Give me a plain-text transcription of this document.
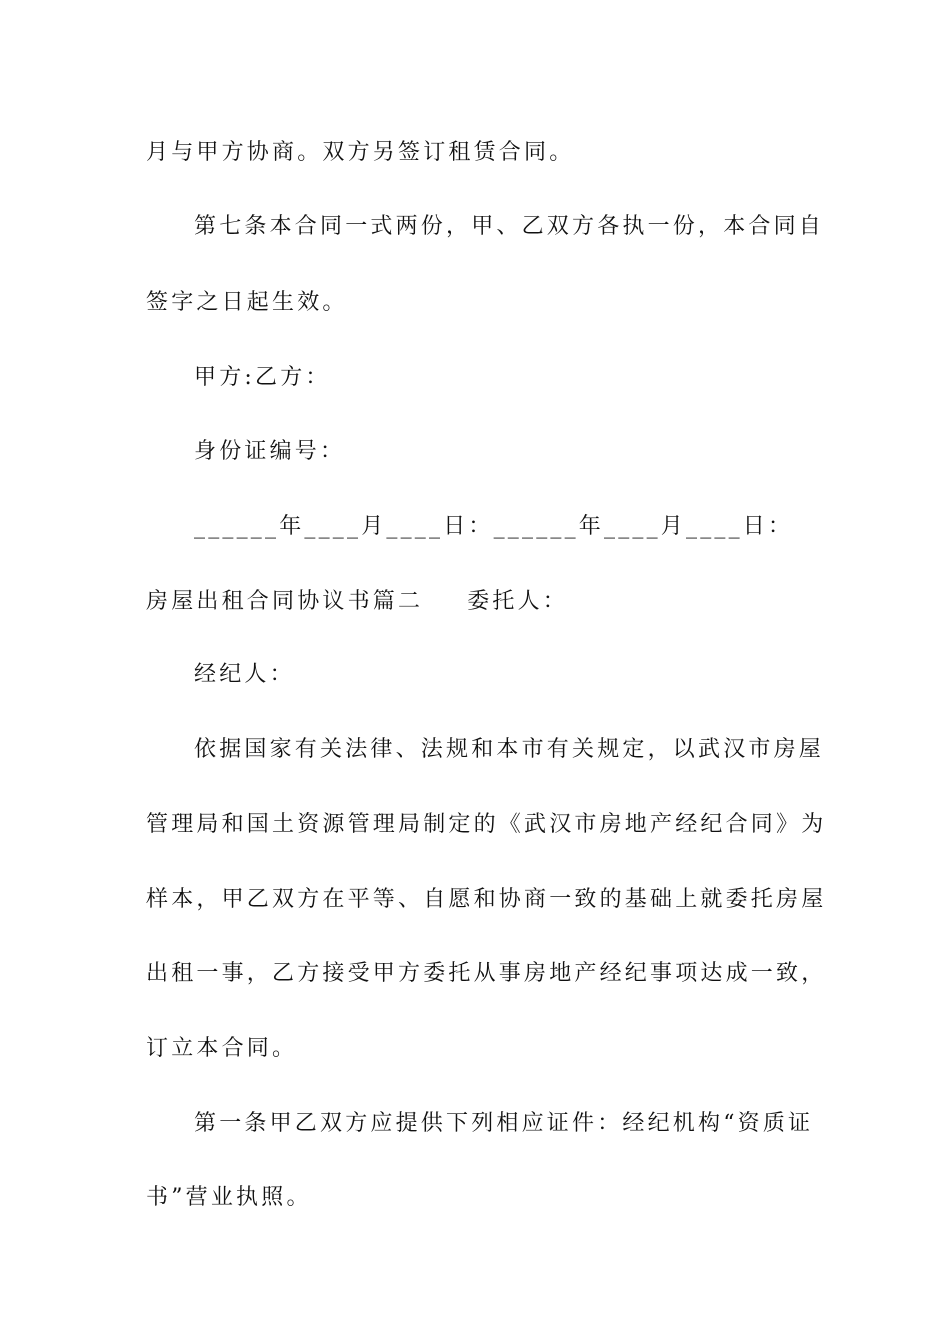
月与甲方协商。双方另签订租赁合同。
第七条本合同一式两份，甲、乙双方各执一份，本合同自
签字之日起生效。
甲方:乙方：
身份证编号：
______年____月____日：______年____月____日：
房屋出租合同协议书篇二 委托人：
经纪人：
依据国家有关法律、法规和本市有关规定，以武汉市房屋
管理局和国土资源管理局制定的《武汉市房地产经纪合同》为
样本，甲乙双方在平等、自愿和协商一致的基础上就委托房屋
出租一事，乙方接受甲方委托从事房地产经纪事项达成一致，
订立本合同。
第一条甲乙双方应提供下列相应证件：经纪机构“资质证
书”营业执照。
